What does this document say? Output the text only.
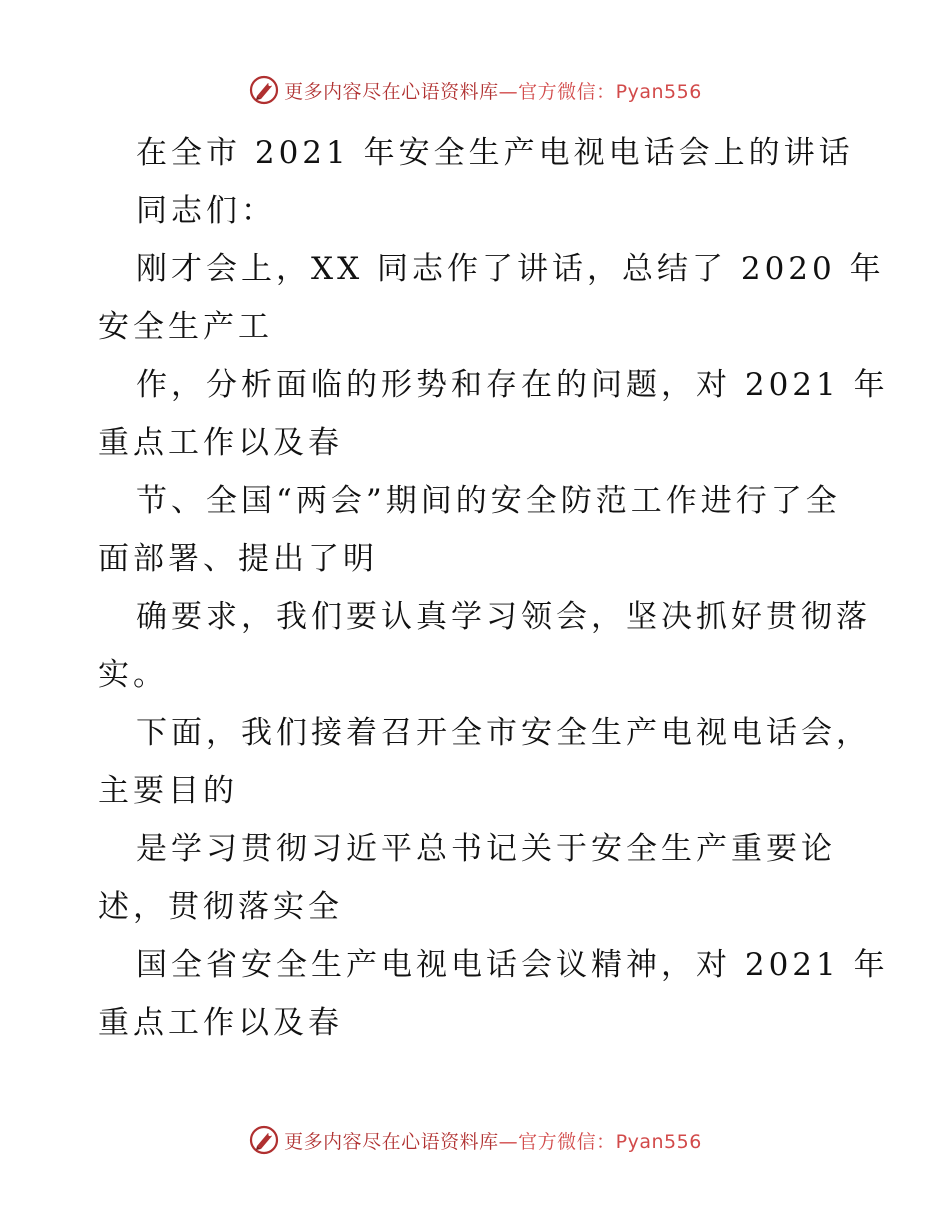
更多内容尽在心语资料库—官方微信：Pyan556
在全市 2021 年安全生产电视电话会上的讲话
同志们：
刚才会上，XX 同志作了讲话，总结了 2020 年
安全生产工
作，分析面临的形势和存在的问题，对 2021 年
重点工作以及春
节、全国“两会”期间的安全防范工作进行了全
面部署、提出了明
确要求，我们要认真学习领会，坚决抓好贯彻落
实。
下面，我们接着召开全市安全生产电视电话会，
主要目的
是学习贯彻习近平总书记关于安全生产重要论
述，贯彻落实全
国全省安全生产电视电话会议精神，对 2021 年
重点工作以及春
更多内容尽在心语资料库—官方微信：Pyan556
